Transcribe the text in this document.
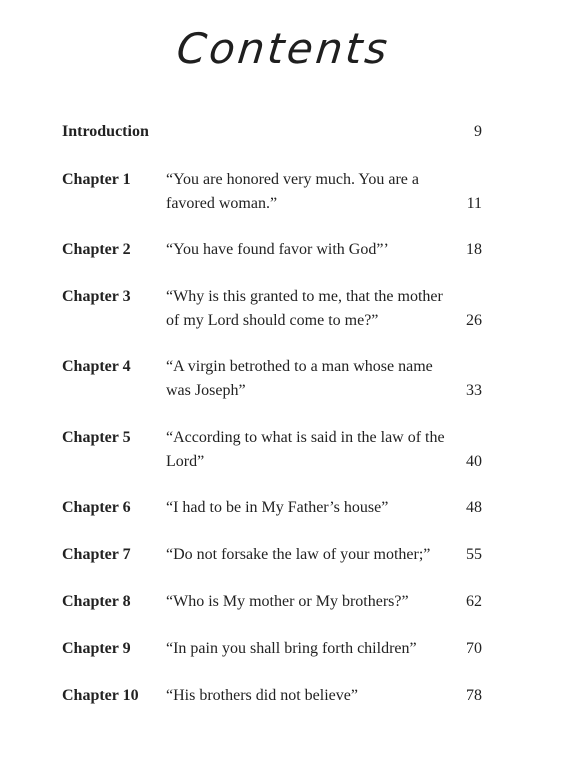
Contents
Introduction	9
Chapter 1 “You are honored very much. You are a
favored woman.”	11
Chapter 2 “You have found favor with God”’	18
Chapter 3 “Why is this granted to me, that the mother
of my Lord should come to me?”	26
Chapter 4 “A virgin betrothed to a man whose name
was Joseph”	33
Chapter 5 “According to what is said in the law of the
Lord”	40
Chapter 6 “I had to be in My Father’s house”	48
Chapter 7 “Do not forsake the law of your mother;”	55
Chapter 8 “Who is My mother or My brothers?”	62
Chapter 9 “In pain you shall bring forth children”	70
Chapter 10 “His brothers did not believe”	78
